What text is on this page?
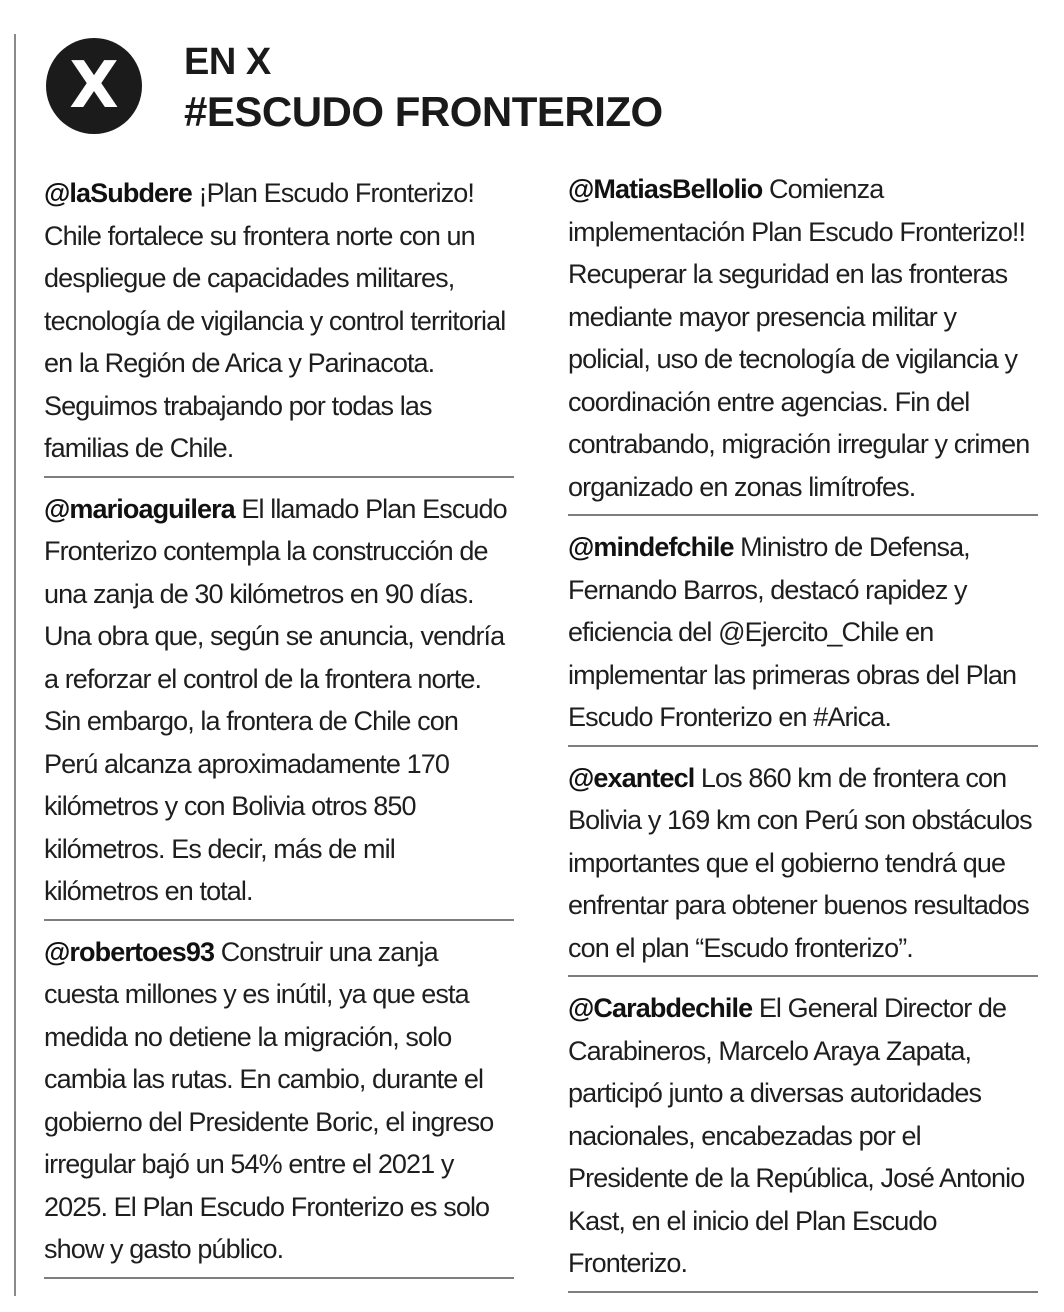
X	EN X
#ESCUDO FRONTERIZO

@laSubdere ¡Plan Escudo Fronterizo! Chile fortalece su frontera norte con un despliegue de capacidades militares, tecnología de vigilancia y control territorial en la Región de Arica y Parinacota. Seguimos trabajando por todas las familias de Chile.

@marioaguilera El llamado Plan Escudo Fronterizo contempla la construcción de una zanja de 30 kilómetros en 90 días. Una obra que, según se anuncia, vendría a reforzar el control de la frontera norte. Sin embargo, la frontera de Chile con Perú alcanza aproximadamente 170 kilómetros y con Bolivia otros 850 kilómetros. Es decir, más de mil kilómetros en total.

@robertoes93 Construir una zanja cuesta millones y es inútil, ya que esta medida no detiene la migración, solo cambia las rutas. En cambio, durante el gobierno del Presidente Boric, el ingreso irregular bajó un 54% entre el 2021 y 2025. El Plan Escudo Fronterizo es solo show y gasto público.

@MatiasBellolio Comienza implementación Plan Escudo Fronterizo!! Recuperar la seguridad en las fronteras mediante mayor presencia militar y policial, uso de tecnología de vigilancia y coordinación entre agencias. Fin del contrabando, migración irregular y crimen organizado en zonas limítrofes.

@mindefchile Ministro de Defensa, Fernando Barros, destacó rapidez y eficiencia del @Ejercito_Chile en implementar las primeras obras del Plan Escudo Fronterizo en #Arica.

@exantecl Los 860 km de frontera con Bolivia y 169 km con Perú son obstáculos importantes que el gobierno tendrá que enfrentar para obtener buenos resultados con el plan “Escudo fronterizo”.

@Carabdechile El General Director de Carabineros, Marcelo Araya Zapata, participó junto a diversas autoridades nacionales, encabezadas por el Presidente de la República, José Antonio Kast, en el inicio del Plan Escudo Fronterizo.
